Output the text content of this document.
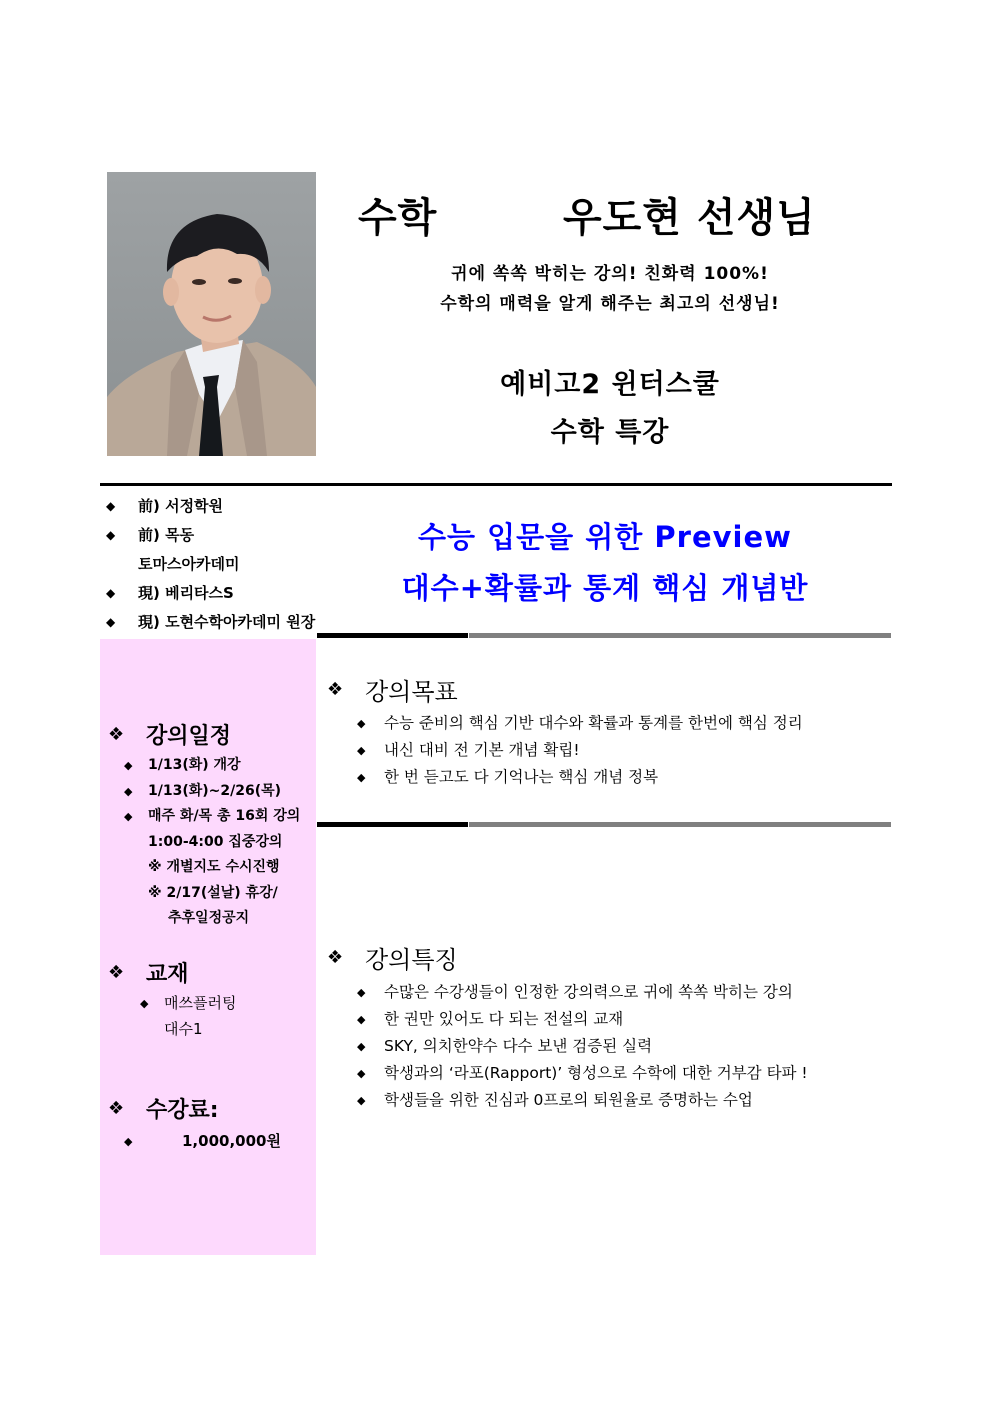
수학	우도현 선생님
귀에 쏙쏙 박히는 강의! 친화력 100%!
수학의 매력을 알게 해주는 최고의 선생님!
예비고2 윈터스쿨
수학 특강
◆	前) 서정학원
◆	前) 목동
토마스아카데미
◆	現) 베리타스S
◆	現) 도현수학아카데미 원장
수능 입문을 위한 Preview
대수+확률과 통계 핵심 개념반
❖ 강의일정
◆	1/13(화) 개강
◆	1/13(화)~2/26(목)
◆	매주 화/목 총 16회 강의
1:00-4:00 집중강의
※ 개별지도 수시진행
※ 2/17(설날) 휴강/
추후일정공지
❖ 교재
◆	매쓰플러팅
대수1
❖ 수강료:
◆	1,000,000원
❖ 강의목표
◆	수능 준비의 핵심 기반 대수와 확률과 통계를 한번에 핵심 정리
◆	내신 대비 전 기본 개념 확립!
◆	한 번 듣고도 다 기억나는 핵심 개념 정복
❖ 강의특징
◆	수많은 수강생들이 인정한 강의력으로 귀에 쏙쏙 박히는 강의
◆	한 권만 있어도 다 되는 전설의 교재
◆	SKY, 의치한약수 다수 보낸 검증된 실력
◆	학생과의 ‘라포(Rapport)’ 형성으로 수학에 대한 거부감 타파 !
◆	학생들을 위한 진심과 0프로의 퇴원율로 증명하는 수업
